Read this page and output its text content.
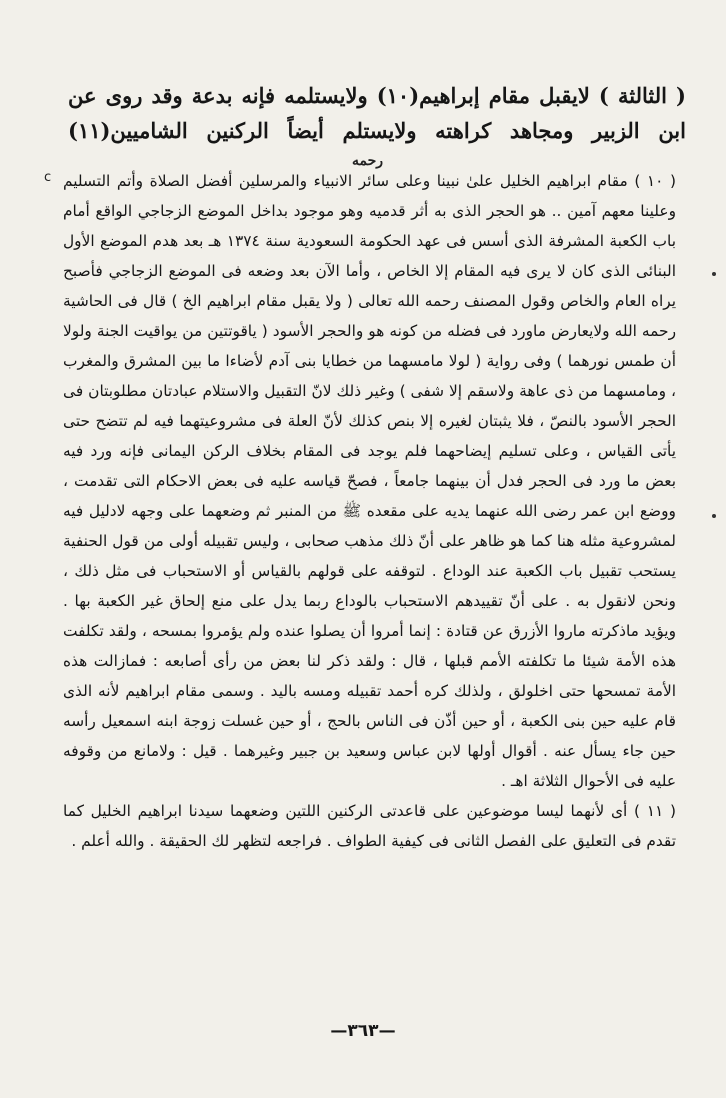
( الثالثة ) لايقبل مقام إبراهيم(١٠) ولايستلمه فإنه بدعة وقد روى عن

ابن الزبير ومجاهد كراهته ولايستلم أيضاً الركنين الشاميين(١١)

رحمه
c ( ١٠ ) مقام ابراهيم الخليل علىٰ نبينا وعلى سائر الانبياء والمرسلين أفضل الصلاة وأتم التسليم وعلينا معهم آمين .. هو الحجر الذى به أثر قدميه وهو موجود بداخل الموضع الزجاجي الواقع أمام باب الكعبة المشرفة الذى أسس فى عهد الحكومة السعودية سنة ١٣٧٤ هـ بعد هدم الموضع الأول البنائى الذى كان لا يرى فيه المقام إلا الخاص ، وأما الآن بعد وضعه فى الموضع الزجاجي فأصبح يراه العام والخاص وقول المصنف رحمه الله تعالى ( ولا يقبل مقام ابراهيم الخ ) قال فى الحاشية رحمه الله ولايعارض ماورد فى فضله من كونه هو والحجر الأسود ( ياقوتتين من يواقيت الجنة ولولا أن طمس نورهما ) وفى رواية ( لولا مامسهما من خطايا بنى آدم لأضاءا ما بين المشرق والمغرب ، ومامسهما من ذى عاهة ولاسقم إلا شفى ) وغير ذلك لانّ التقبيل والاستلام عبادتان مطلوبتان فى الحجر الأسود بالنصّ ، فلا يثبتان لغيره إلا بنص كذلك لأنّ العلة فى مشروعيتهما فيه لم تتضح حتى يأتى القياس ، وعلى تسليم إيضاحهما فلم يوجد فى المقام بخلاف الركن اليمانى فإنه ورد فيه بعض ما ورد فى الحجر فدل أن بينهما جامعاً ، فصحّ قياسه عليه فى بعض الاحكام التى تقدمت ، ووضع ابن عمر رضى الله عنهما يديه على مقعده ﷺ من المنبر ثم وضعهما على وجهه لادليل فيه لمشروعية مثله هنا كما هو ظاهر على أنّ ذلك مذهب صحابى ، وليس تقبيله أولى من قول الحنفية يستحب تقبيل باب الكعبة عند الوداع . لتوقفه على قولهم بالقياس أو الاستحباب فى مثل ذلك ، ونحن لانقول به . على أنّ تقييدهم الاستحباب بالوداع ربما يدل على منع إلحاق غير الكعبة بها . ويؤيد ماذكرته ماروا الأزرق عن قتادة : إنما أمروا أن يصلوا عنده ولم يؤمروا بمسحه ، ولقد تكلفت هذه الأمة شيئا ما تكلفته الأمم قبلها ، قال : ولقد ذكر لنا بعض من رأى أصابعه : فمازالت هذه الأمة تمسحها حتى اخلولق ، ولذلك كره أحمد تقبيله ومسه باليد . وسمى مقام ابراهيم لأنه الذى قام عليه حين بنى الكعبة ، أو حين أذّن فى الناس بالحج ، أو حين غسلت زوجة ابنه اسمعيل رأسه حين جاء يسأل عنه . أقوال أولها لابن عباس وسعيد بن جبير وغيرهما . قيل : ولامانع من وقوفه عليه فى الأحوال الثلاثة اهـ .

( ١١ ) أى لأنهما ليسا موضوعين على قاعدتى الركنين اللتين وضعهما سيدنا ابراهيم الخليل كما تقدم فى التعليق على الفصل الثانى فى كيفية الطواف . فراجعه لتظهر لك الحقيقة . والله أعلم .

—٣٦٣—
